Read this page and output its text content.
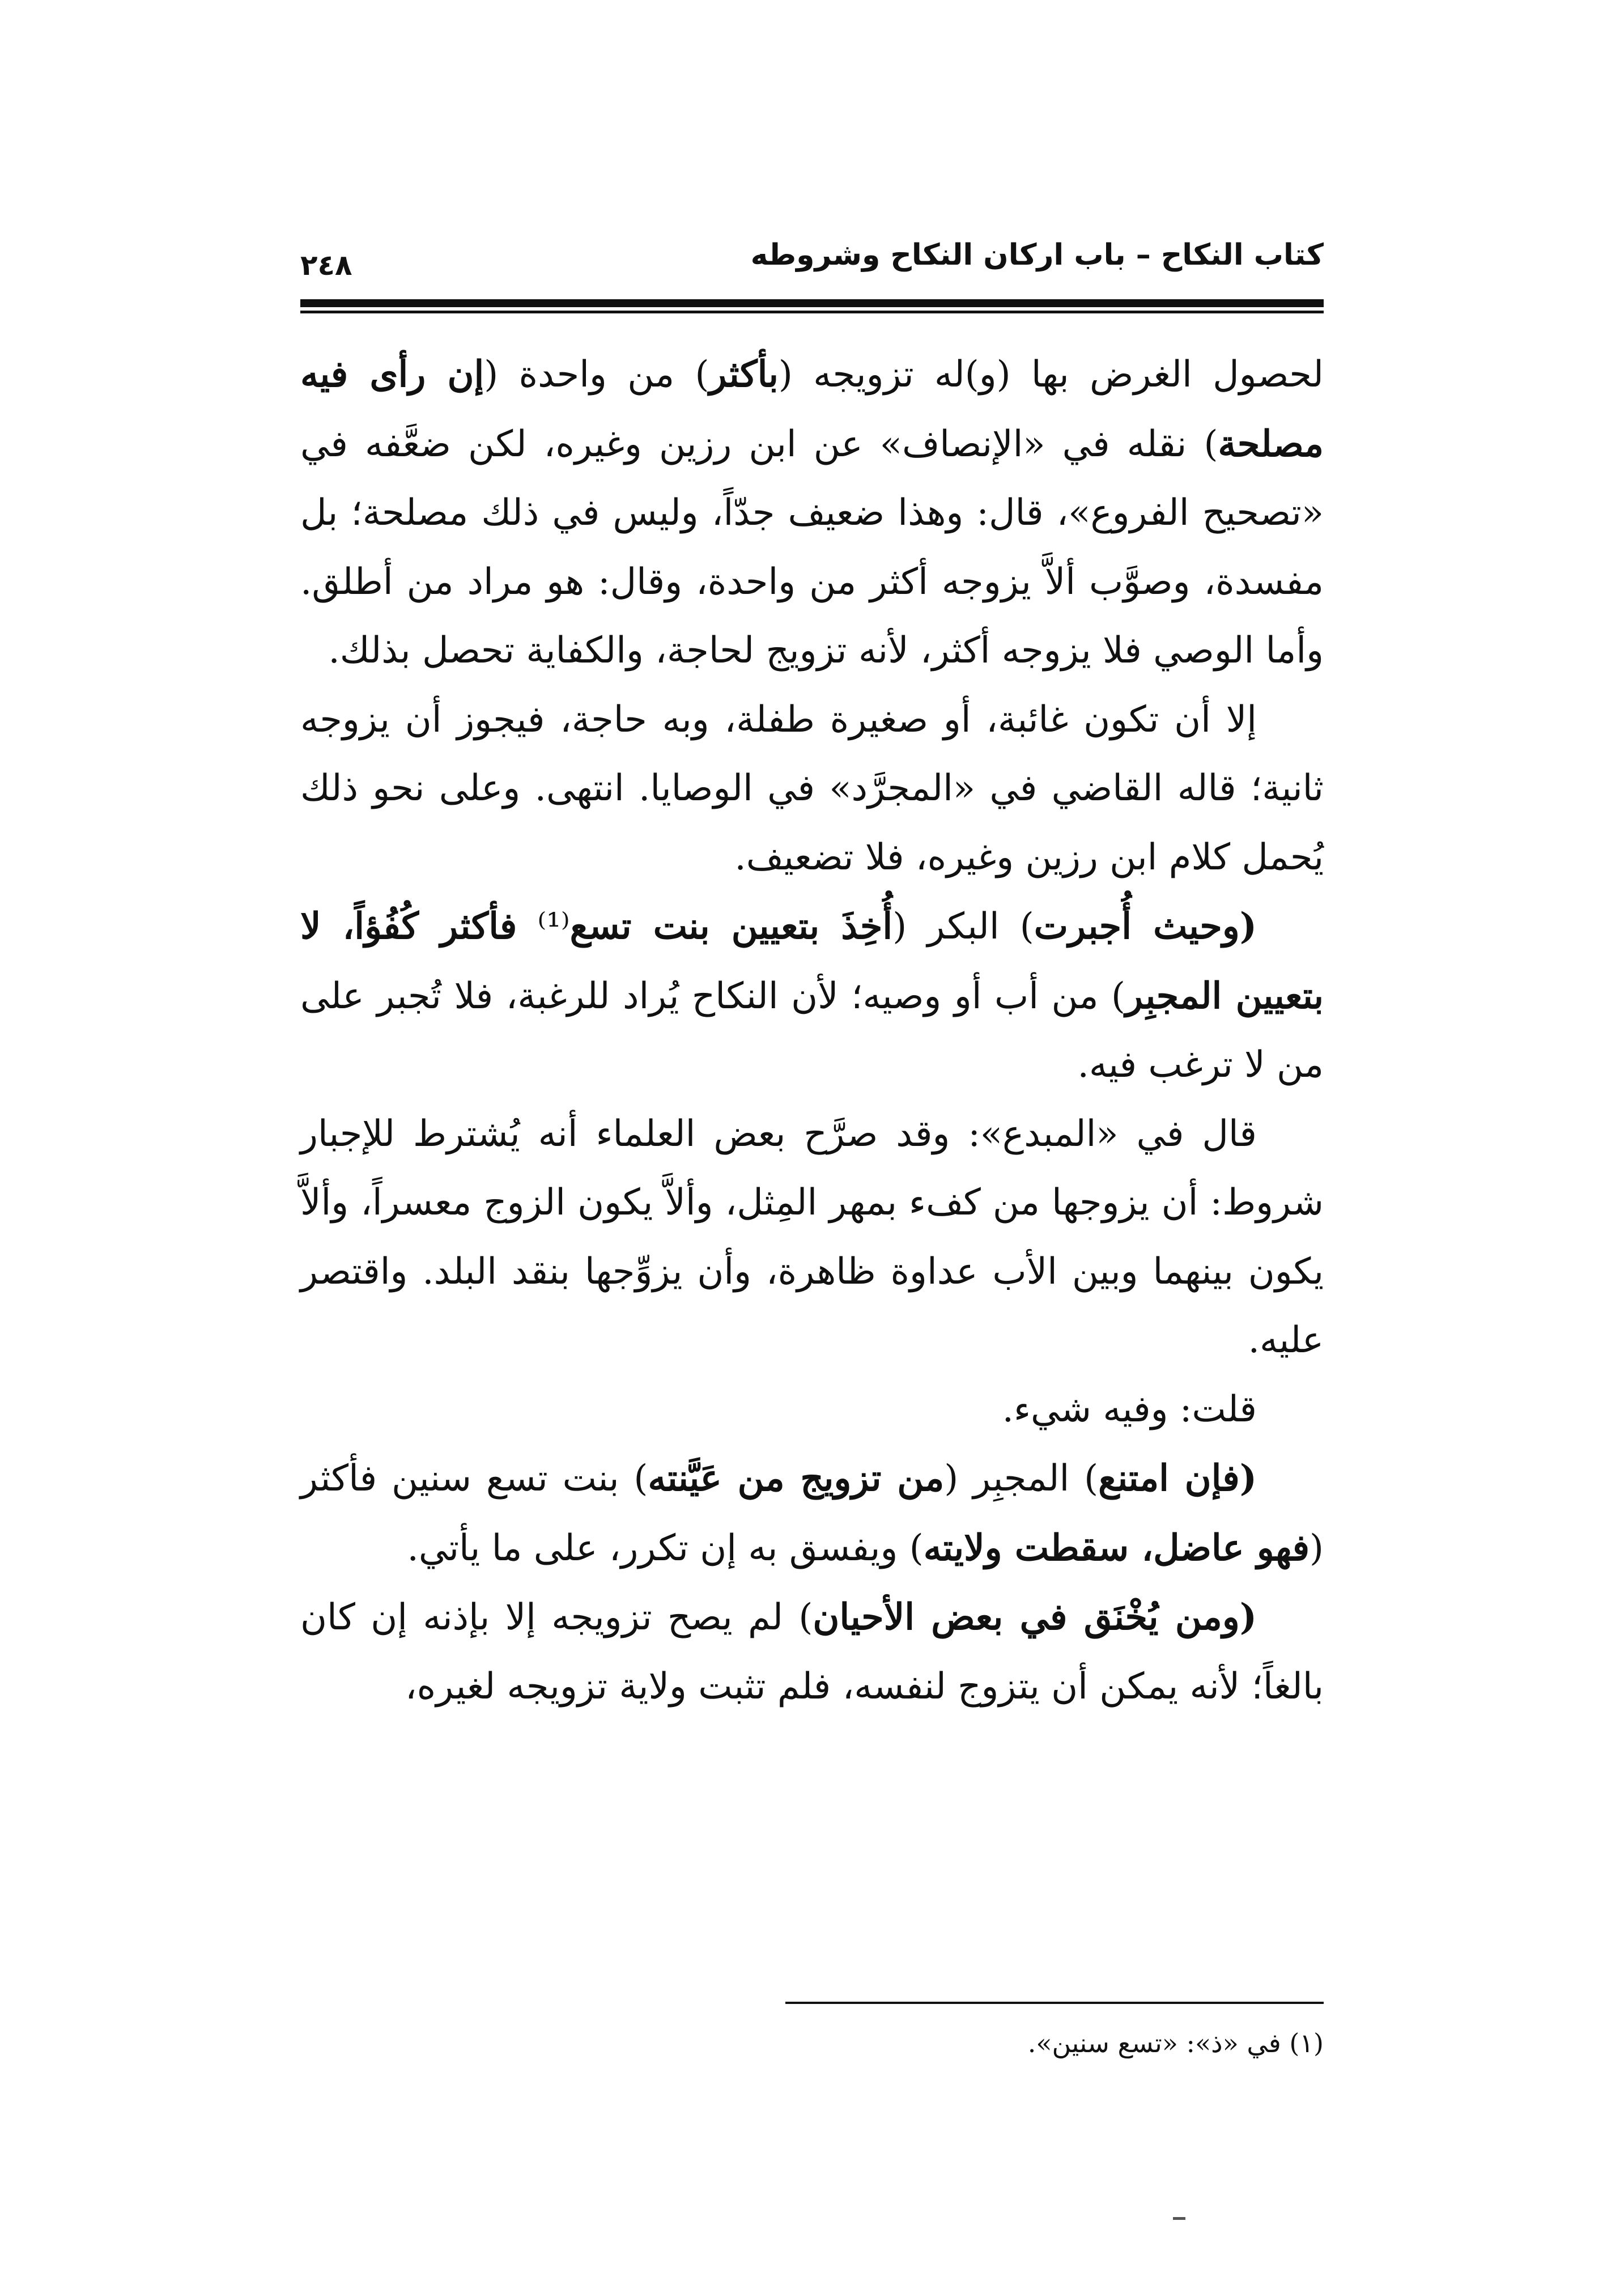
كتاب النكاح – باب اركان النكاح وشروطه
٢٤٨

لحصول الغرض بها (و)له تزويجه (بأكثر) من واحدة (إن رأى فيه مصلحة) نقله في «الإنصاف» عن ابن رزين وغيره، لكن ضعَّفه في «تصحيح الفروع»، قال: وهذا ضعيف جدّاً، وليس في ذلك مصلحة؛ بل مفسدة، وصوَّب ألاَّ يزوجه أكثر من واحدة، وقال: هو مراد من أطلق. وأما الوصي فلا يزوجه أكثر، لأنه تزويج لحاجة، والكفاية تحصل بذلك.

إلا أن تكون غائبة، أو صغيرة طفلة، وبه حاجة، فيجوز أن يزوجه ثانية؛ قاله القاضي في «المجرَّد» في الوصايا. انتهى. وعلى نحو ذلك يُحمل كلام ابن رزين وغيره، فلا تضعيف.

(وحيث أُجبرت) البكر (أُخِذَ بتعيين بنت تسع⁽¹⁾ فأكثر كُفُؤاً، لا بتعيين المجبِر) من أب أو وصيه؛ لأن النكاح يُراد للرغبة، فلا تُجبر على من لا ترغب فيه.

قال في «المبدع»: وقد صرَّح بعض العلماء أنه يُشترط للإجبار شروط: أن يزوجها من كفء بمهر المِثل، وألاَّ يكون الزوج معسراً، وألاَّ يكون بينهما وبين الأب عداوة ظاهرة، وأن يزوِّجها بنقد البلد. واقتصر عليه.

قلت: وفيه شيء.

(فإن امتنع) المجبِر (من تزويج من عَيَّنته) بنت تسع سنين فأكثر (فهو عاضل، سقطت ولايته) ويفسق به إن تكرر، على ما يأتي.

(ومن يُخْنَق في بعض الأحيان) لم يصح تزويجه إلا بإذنه إن كان بالغاً؛ لأنه يمكن أن يتزوج لنفسه، فلم تثبت ولاية تزويجه لغيره،

(١) في «ذ»: «تسع سنين».
